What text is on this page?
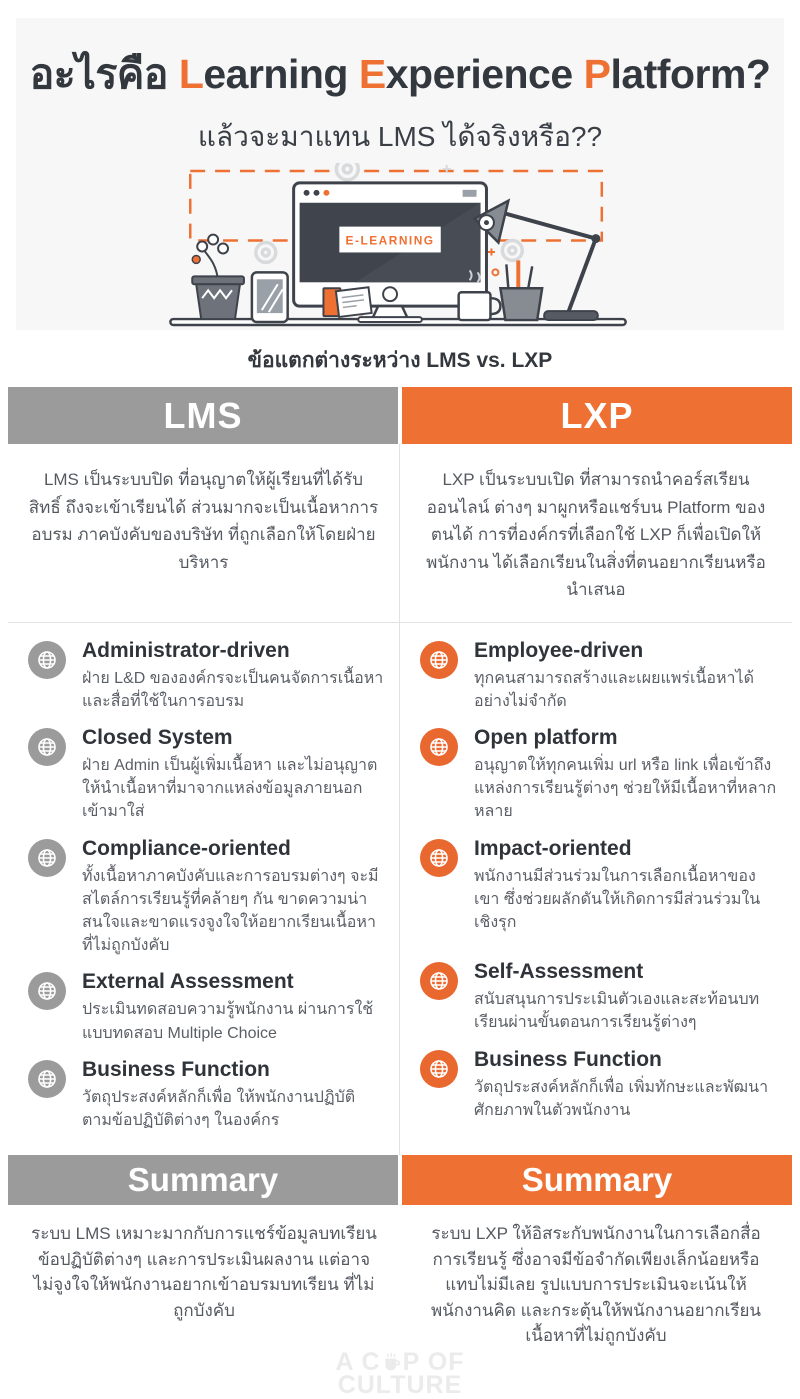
อะไรคือ Learning Experience Platform?
แล้วจะมาแทน LMS ได้จริงหรือ??
E-LEARNING
ข้อแตกต่างระหว่าง LMS vs. LXP
LMS	LXP
LMS เป็นระบบปิด ที่อนุญาตให้ผู้เรียนที่ได้รับสิทธิ์ ถึงจะเข้าเรียนได้ ส่วนมากจะเป็นเนื้อหาการอบรม ภาคบังคับของบริษัท ที่ถูกเลือกให้โดยฝ่ายบริหาร
LXP เป็นระบบเปิด ที่สามารถนำคอร์สเรียนออนไลน์ ต่างๆ มาผูกหรือแชร์บน Platform ของตนได้ การที่องค์กรที่เลือกใช้ LXP ก็เพื่อเปิดให้พนักงาน ได้เลือกเรียนในสิ่งที่ตนอยากเรียนหรือนำเสนอ
Administrator-driven

ฝ่าย L&D ขององค์กรจะเป็นคนจัดการเนื้อหาและสื่อที่ใช้ในการอบรม

Closed System

ฝ่าย Admin เป็นผู้เพิ่มเนื้อหา และไม่อนุญาตให้นำเนื้อหาที่มาจากแหล่งข้อมูลภายนอกเข้ามาใส่

Compliance-oriented

ทั้งเนื้อหาภาคบังคับและการอบรมต่างๆ จะมีสไตล์การเรียนรู้ที่คล้ายๆ กัน ขาดความน่าสนใจและขาดแรงจูงใจให้อยากเรียนเนื้อหาที่ไม่ถูกบังคับ

External Assessment

ประเมินทดสอบความรู้พนักงาน ผ่านการใช้แบบทดสอบ Multiple Choice

Business Function

วัตถุประสงค์หลักก็เพื่อ ให้พนักงานปฏิบัติตามข้อปฏิบัติต่างๆ ในองค์กร

Employee-driven

ทุกคนสามารถสร้างและเผยแพร่เนื้อหาได้อย่างไม่จำกัด

Open platform

อนุญาตให้ทุกคนเพิ่ม url หรือ link เพื่อเข้าถึงแหล่งการเรียนรู้ต่างๆ ช่วยให้มีเนื้อหาที่หลากหลาย

Impact-oriented

พนักงานมีส่วนร่วมในการเลือกเนื้อหาของเขา ซึ่งช่วยผลักดันให้เกิดการมีส่วนร่วมในเชิงรุก

Self-Assessment

สนับสนุนการประเมินตัวเองและสะท้อนบทเรียนผ่านขั้นตอนการเรียนรู้ต่างๆ

Business Function

วัตถุประสงค์หลักก็เพื่อ เพิ่มทักษะและพัฒนาศักยภาพในตัวพนักงาน

Summary	Summary
ระบบ LMS เหมาะมากกับการแชร์ข้อมูลบทเรียน ข้อปฏิบัติต่างๆ และการประเมินผลงาน แต่อาจไม่จูงใจให้พนักงานอยากเข้าอบรมบทเรียน ที่ไม่ถูกบังคับ
ระบบ LXP ให้อิสระกับพนักงานในการเลือกสื่อการเรียนรู้ ซึ่งอาจมีข้อจำกัดเพียงเล็กน้อยหรือแทบไม่มีเลย รูปแบบการประเมินจะเน้นให้พนักงานคิด และกระตุ้นให้พนักงานอยากเรียนเนื้อหาที่ไม่ถูกบังคับ
A C P OF
CULTURE
